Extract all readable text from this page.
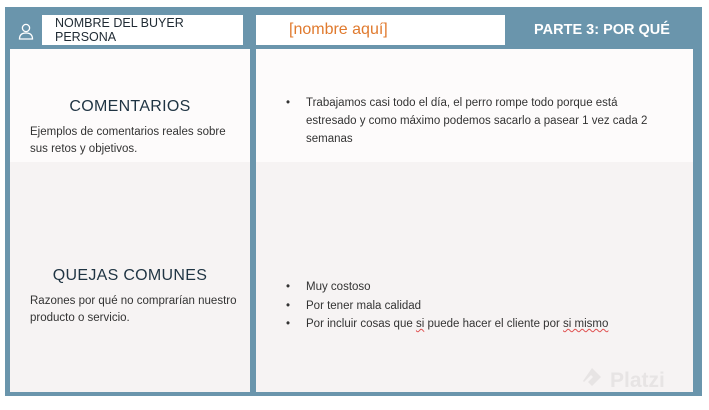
NOMBRE DEL BUYER PERSONA	[nombre aquí]	PARTE 3: POR QUÉ
COMENTARIOS
Ejemplos de comentarios reales sobre sus retos y objetivos.
QUEJAS COMUNES
Razones por qué no comprarían nuestro producto o servicio.
• Trabajamos casi todo el día, el perro rompe todo porque está estresado y como máximo podemos sacarlo a pasear 1 vez cada 2 semanas
• Muy costoso
• Por tener mala calidad
• Por incluir cosas que si puede hacer el cliente por si mismo
Platzi
